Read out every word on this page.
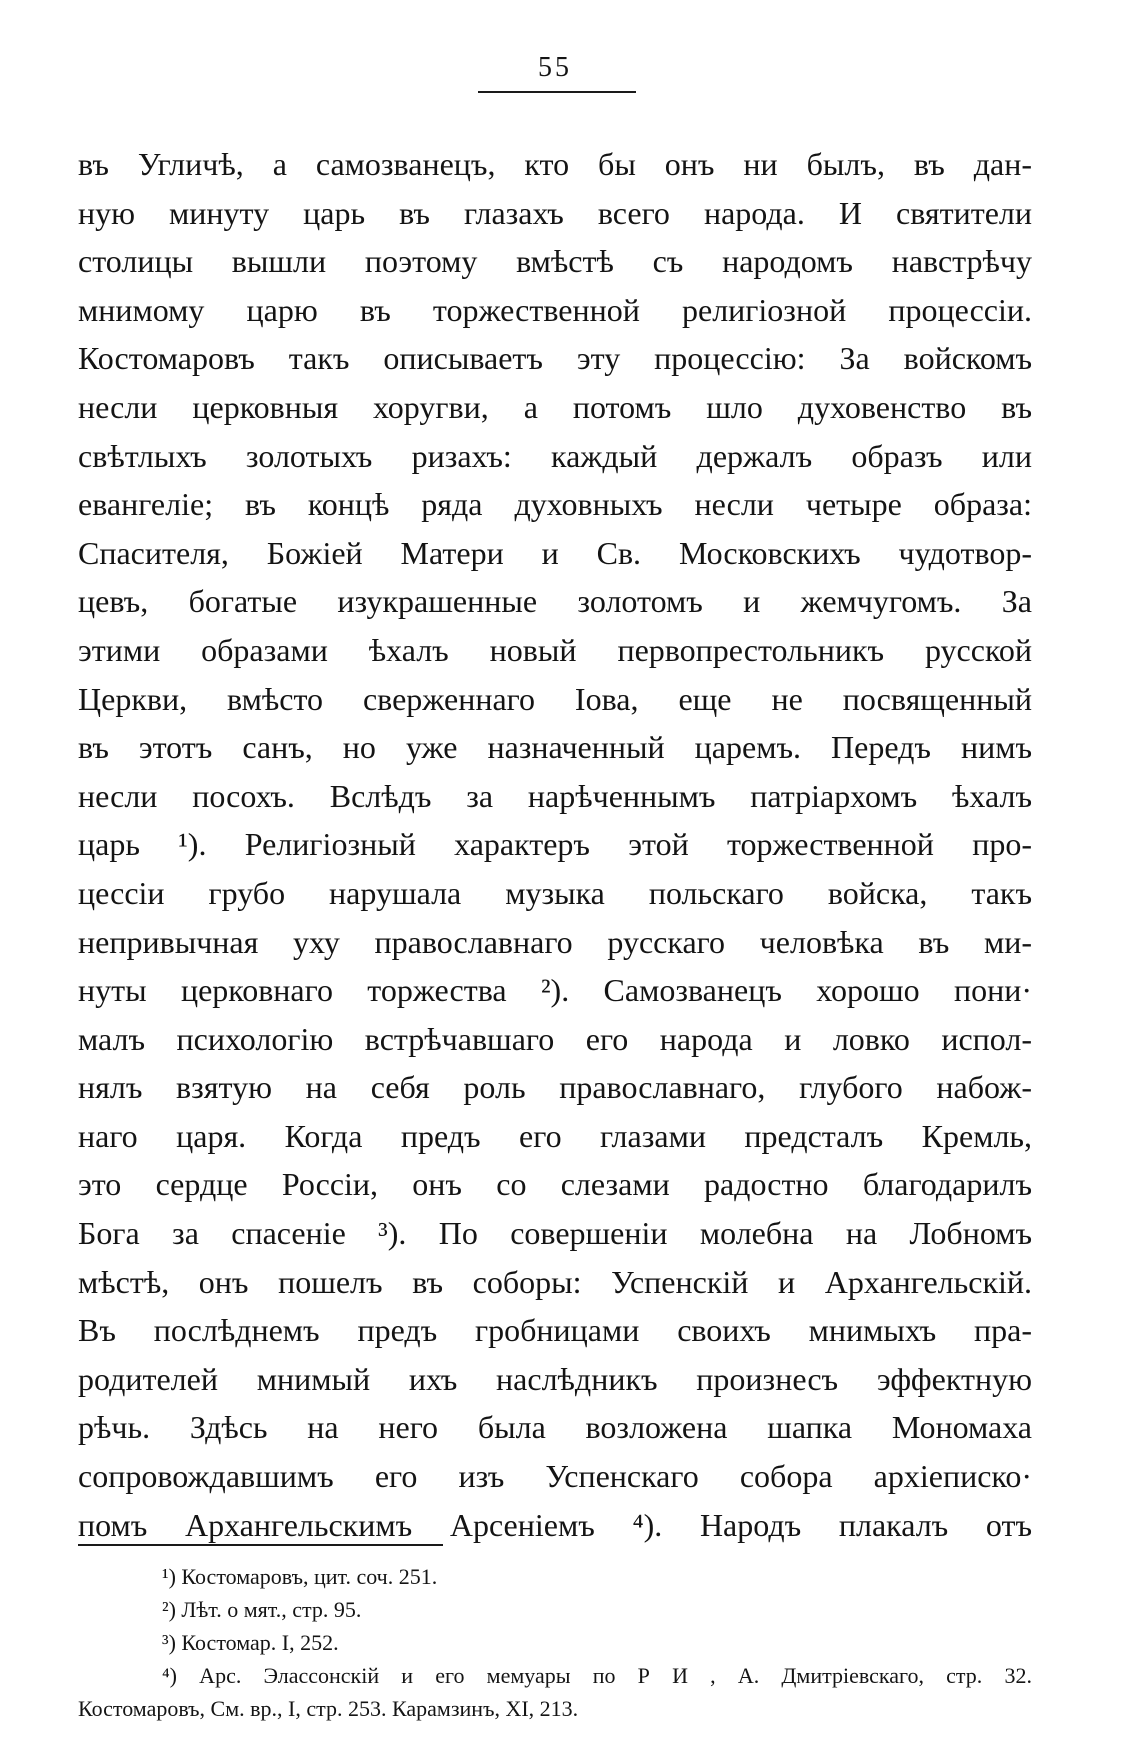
55
въ Угличѣ, а самозванецъ, кто бы онъ ни былъ, въ дан-
ную минуту царь въ глазахъ всего народа. И святители
столицы вышли поэтому вмѣстѣ съ народомъ навстрѣчу
мнимому царю въ торжественной религіозной процессіи.
Костомаровъ такъ описываетъ эту процессію: За войскомъ
несли церковныя хоругви, а потомъ шло духовенство въ
свѣтлыхъ золотыхъ ризахъ: каждый держалъ образъ или
евангеліе; въ концѣ ряда духовныхъ несли четыре образа:
Спасителя, Божіей Матери и Св. Московскихъ чудотвор-
цевъ, богатые изукрашенные золотомъ и жемчугомъ. За
этими образами ѣхалъ новый первопрестольникъ русской
Церкви, вмѣсто сверженнаго Іова, еще не посвященный
въ этотъ санъ, но уже назначенный царемъ. Передъ нимъ
несли посохъ. Вслѣдъ за нарѣченнымъ патріархомъ ѣхалъ
царь ¹). Религіозный характеръ этой торжественной про-
цессіи грубо нарушала музыка польскаго войска, такъ
непривычная уху православнаго русскаго человѣка въ ми-
нуты церковнаго торжества ²). Самозванецъ хорошо пони·
малъ психологію встрѣчавшаго его народа и ловко испол-
нялъ взятую на себя роль православнаго, глубого набож-
наго царя. Когда предъ его глазами предсталъ Кремль,
это сердце Россіи, онъ со слезами радостно благодарилъ
Бога за спасеніе ³). По совершеніи молебна на Лобномъ
мѣстѣ, онъ пошелъ въ соборы: Успенскій и Архангельскій.
Въ послѣднемъ предъ гробницами своихъ мнимыхъ пра-
родителей мнимый ихъ наслѣдникъ произнесъ эффектную
рѣчь. Здѣсь на него была возложена шапка Мономаха
сопровождавшимъ его изъ Успенскаго собора архіеписко·
помъ Архангельскимъ Арсеніемъ ⁴). Народъ плакалъ отъ
¹) Костомаровъ, цит. соч. 251.
²) Лѣт. о мят., стр. 95.
³) Костомар. I, 252.
⁴) Арс. Элассонскій и его мемуары по Р И , А. Дмитріевскаго, стр. 32.
Костомаровъ, См. вр., I, стр. 253. Карамзинъ, XI, 213.
